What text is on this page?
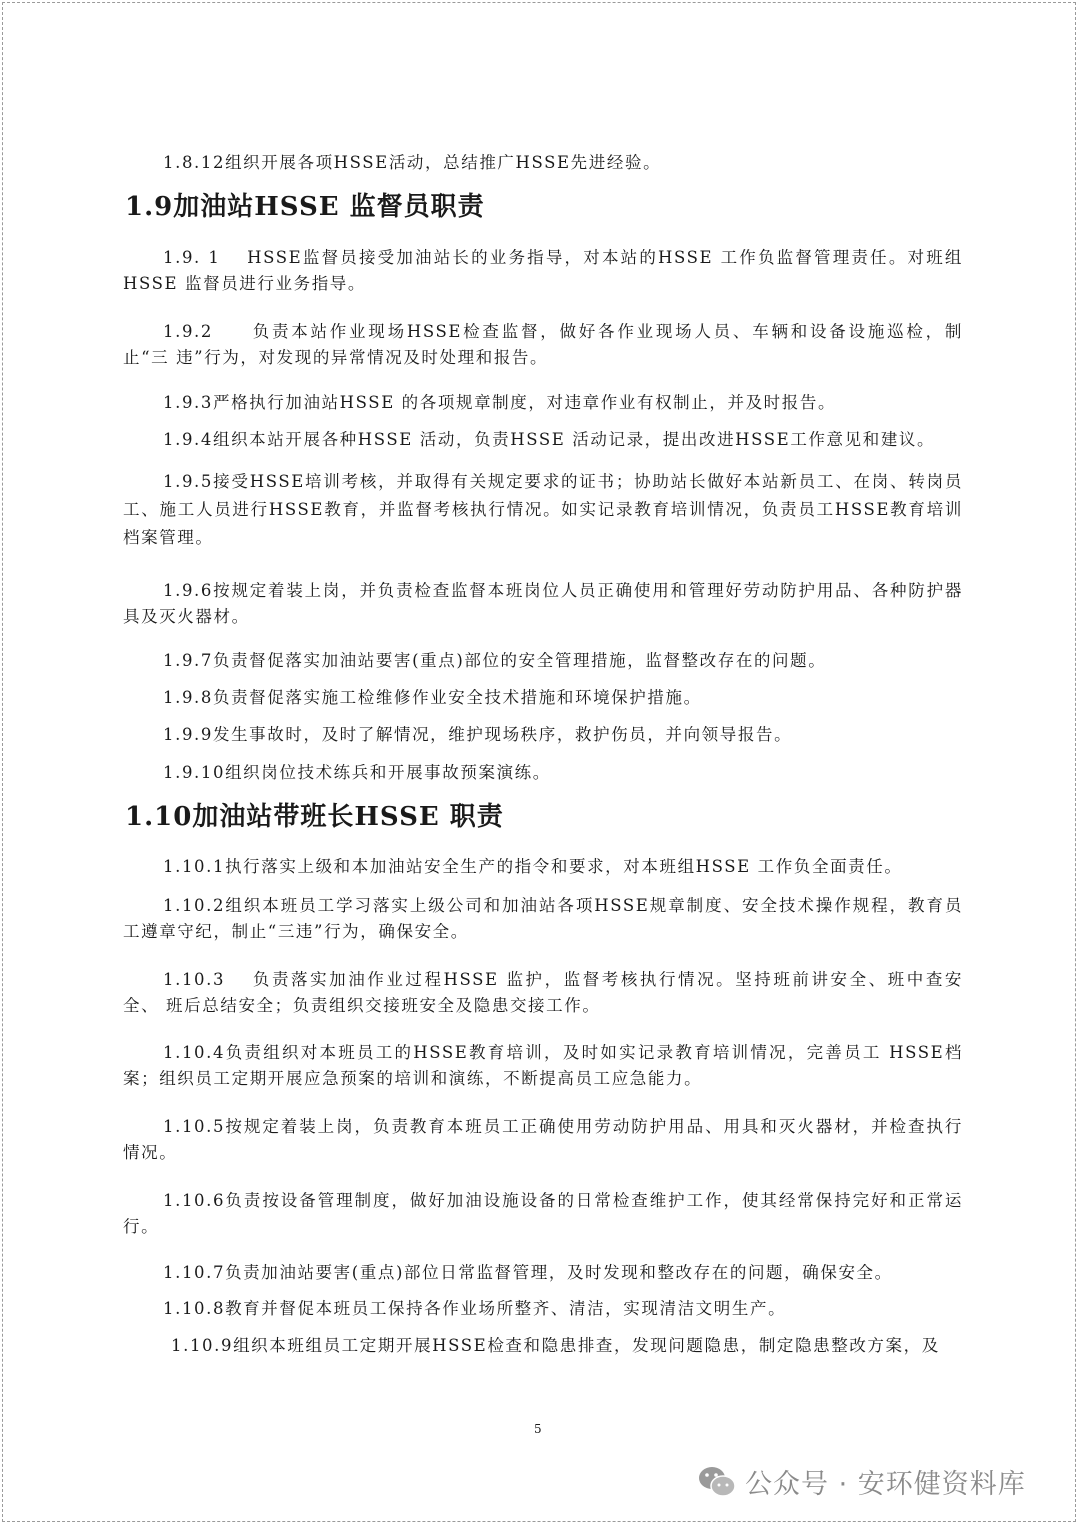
1.8.12组织开展各项HSSE活动，总结推广HSSE先进经验。

1.9加油站HSSE 监督员职责

1.9. 1　 HSSE监督员接受加油站长的业务指导，对本站的HSSE 工作负监督管理责任。对班组HSSE 监督员进行业务指导。

1.9.2　　负责本站作业现场HSSE检查监督，做好各作业现场人员、车辆和设备设施巡检，制止“三 违”行为，对发现的异常情况及时处理和报告。

1.9.3严格执行加油站HSSE 的各项规章制度，对违章作业有权制止，并及时报告。

1.9.4组织本站开展各种HSSE 活动，负责HSSE 活动记录，提出改进HSSE工作意见和建议。

1.9.5接受HSSE培训考核，并取得有关规定要求的证书；协助站长做好本站新员工、在岗、转岗员工、施工人员进行HSSE教育，并监督考核执行情况。如实记录教育培训情况，负责员工HSSE教育培训档案管理。

1.9.6按规定着装上岗，并负责检查监督本班岗位人员正确使用和管理好劳动防护用品、各种防护器具及灭火器材。

1.9.7负责督促落实加油站要害(重点)部位的安全管理措施，监督整改存在的问题。

1.9.8负责督促落实施工检维修作业安全技术措施和环境保护措施。

1.9.9发生事故时，及时了解情况，维护现场秩序，救护伤员，并向领导报告。

1.9.10组织岗位技术练兵和开展事故预案演练。

1.10加油站带班长HSSE 职责

1.10.1执行落实上级和本加油站安全生产的指令和要求，对本班组HSSE 工作负全面责任。

1.10.2组织本班员工学习落实上级公司和加油站各项HSSE规章制度、安全技术操作规程，教育员工遵章守纪，制止“三违”行为，确保安全。

1.10.3　 负责落实加油作业过程HSSE 监护，监督考核执行情况。坚持班前讲安全、班中查安全、 班后总结安全；负责组织交接班安全及隐患交接工作。

1.10.4负责组织对本班员工的HSSE教育培训，及时如实记录教育培训情况，完善员工 HSSE档案；组织员工定期开展应急预案的培训和演练，不断提高员工应急能力。

1.10.5按规定着装上岗，负责教育本班员工正确使用劳动防护用品、用具和灭火器材，并检查执行情况。

1.10.6负责按设备管理制度，做好加油设施设备的日常检查维护工作，使其经常保持完好和正常运行。

1.10.7负责加油站要害(重点)部位日常监督管理，及时发现和整改存在的问题，确保安全。

1.10.8教育并督促本班员工保持各作业场所整齐、清洁，实现清洁文明生产。

1.10.9组织本班组员工定期开展HSSE检查和隐患排查，发现问题隐患，制定隐患整改方案，及

5
公众号 · 安环健资料库
